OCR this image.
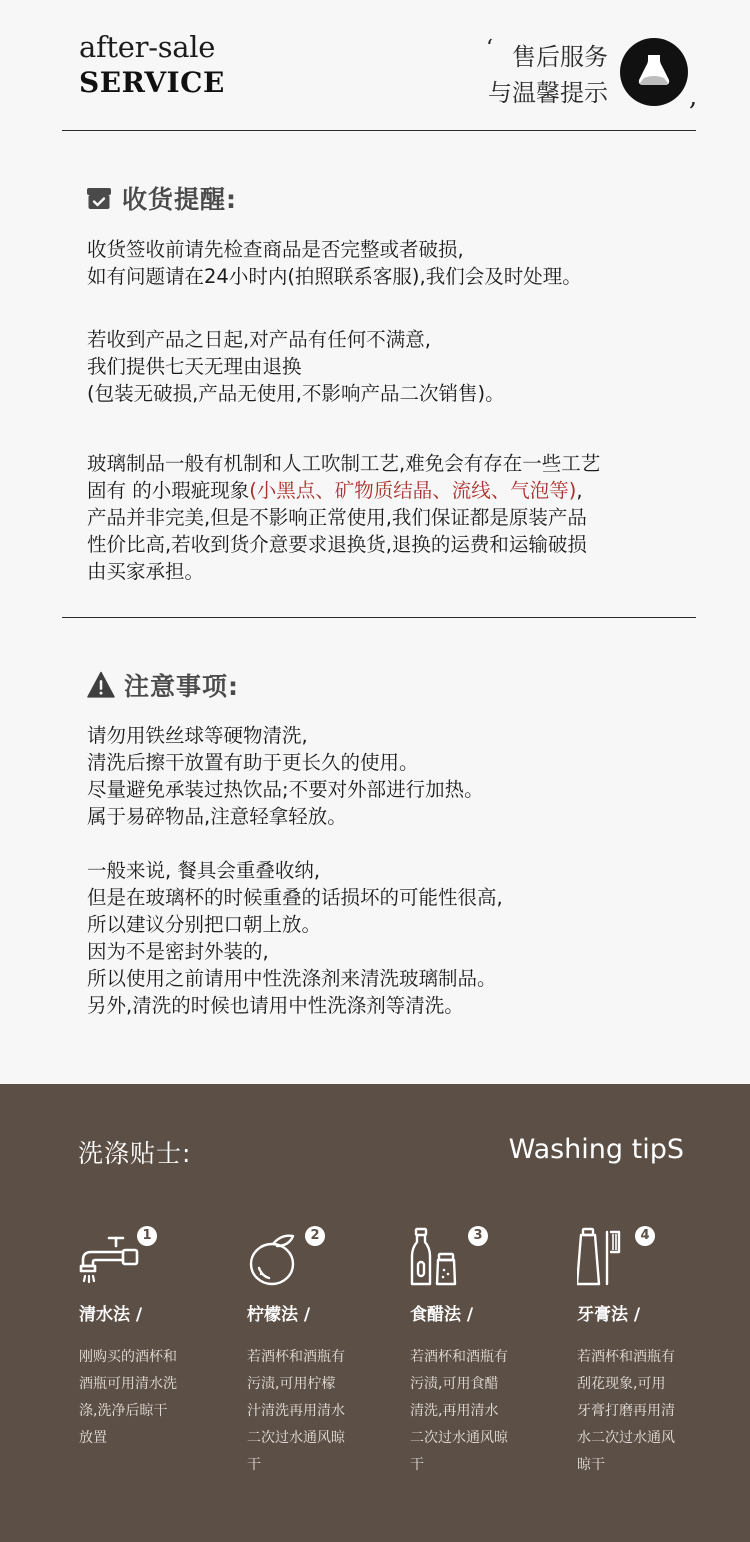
after-sale
SERVICE
‘ 售后服务
与温馨提示	,
收货提醒:
收货签收前请先检查商品是否完整或者破损,
如有问题请在24小时内(拍照联系客服),我们会及时处理。
若收到产品之日起,对产品有任何不满意,
我们提供七天无理由退换
(包装无破损,产品无使用,不影响产品二次销售)。
玻璃制品一般有机制和人工吹制工艺,难免会有存在一些工艺
固有 的小瑕疵现象(小黑点、矿物质结晶、流线、气泡等),
产品并非完美,但是不影响正常使用,我们保证都是原装产品
性价比高,若收到货介意要求退换货,退换的运费和运输破损
由买家承担。
注意事项:
请勿用铁丝球等硬物清洗,
清洗后擦干放置有助于更长久的使用。
尽量避免承装过热饮品;不要对外部进行加热。
属于易碎物品,注意轻拿轻放。
一般来说, 餐具会重叠收纳,
但是在玻璃杯的时候重叠的话损坏的可能性很高,
所以建议分别把口朝上放。
因为不是密封外装的,
所以使用之前请用中性洗涤剂来清洗玻璃制品。
另外,清洗的时候也请用中性洗涤剂等清洗。
洗涤贴士:	Washing tipS
1
清水法 /
刚购买的酒杯和
酒瓶可用清水洗
涤,洗净后晾干
放置
2
柠檬法 /
若酒杯和酒瓶有
污渍,可用柠檬
汁清洗再用清水
二次过水通风晾
干
3
食醋法 /
若酒杯和酒瓶有
污渍,可用食醋
清洗,再用清水
二次过水通风晾
干
4
牙膏法 /
若酒杯和酒瓶有
刮花现象,可用
牙膏打磨再用清
水二次过水通风
晾干
